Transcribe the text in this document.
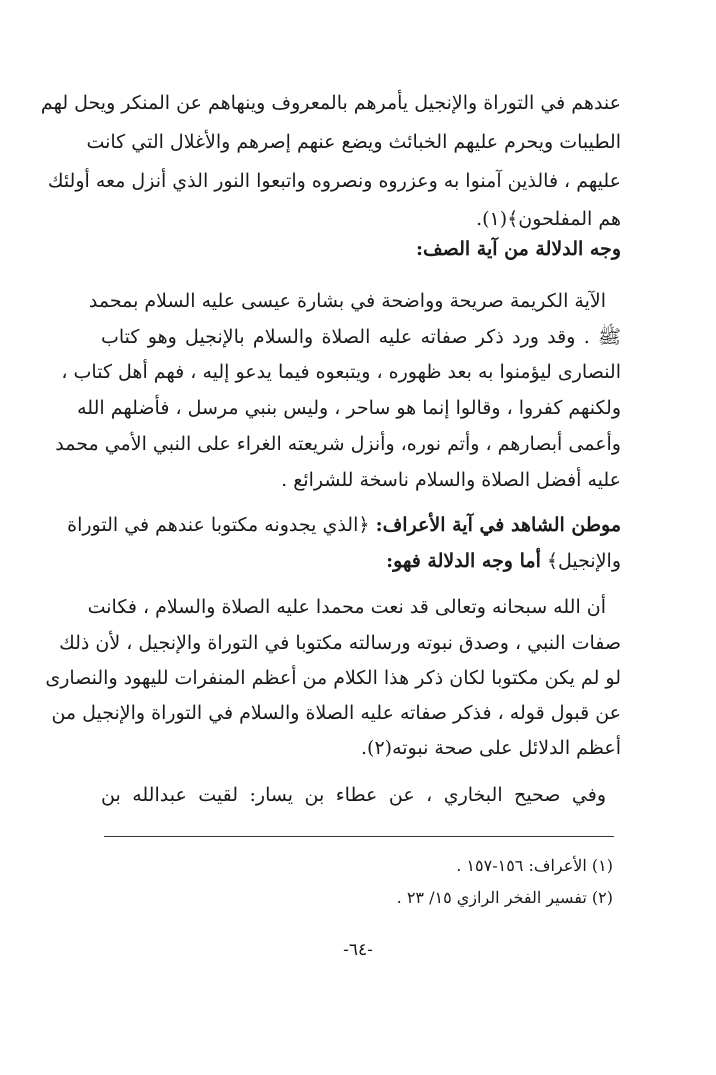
عندهم في التوراة والإنجيل يأمرهم بالمعروف وينهاهم عن المنكر ويحل لهم
الطيبات ويحرم عليهم الخبائث ويضع عنهم إصرهم والأغلال التي كانت
عليهم ، فالذين آمنوا به وعزروه ونصروه واتبعوا النور الذي أنزل معه أولئك
هم المفلحون﴾(١).
وجه الدلالة من آية الصف:
الآية الكريمة صريحة وواضحة في بشارة عيسى عليه السلام بمحمد
ﷺ . وقد ورد ذكر صفاته عليه الصلاة والسلام بالإنجيل وهو كتاب
النصارى ليؤمنوا به بعد ظهوره ، ويتبعوه فيما يدعو إليه ، فهم أهل كتاب ،
ولكنهم كفروا ، وقالوا إنما هو ساحر ، وليس بنبي مرسل ، فأضلهم الله
وأعمى أبصارهم ، وأتم نوره، وأنزل شريعته الغراء على النبي الأمي محمد
عليه أفضل الصلاة والسلام ناسخة للشرائع .
موطن الشاهد في آية الأعراف: ﴿الذي يجدونه مكتوبا عندهم في التوراة
والإنجيل﴾ أما وجه الدلالة فهو:
أن الله سبحانه وتعالى قد نعت محمدا عليه الصلاة والسلام ، فكانت
صفات النبي ، وصدق نبوته ورسالته مكتوبا في التوراة والإنجيل ، لأن ذلك
لو لم يكن مكتوبا لكان ذكر هذا الكلام من أعظم المنفرات لليهود والنصارى
عن قبول قوله ، فذكر صفاته عليه الصلاة والسلام في التوراة والإنجيل من
أعظم الدلائل على صحة نبوته(٢).
وفي صحيح البخاري ، عن عطاء بن يسار: لقيت عبدالله بن
(١) الأعراف: ١٥٦-١٥٧ .
(٢) تفسير الفخر الرازي ١٥/ ٢٣ .
-٦٤-
